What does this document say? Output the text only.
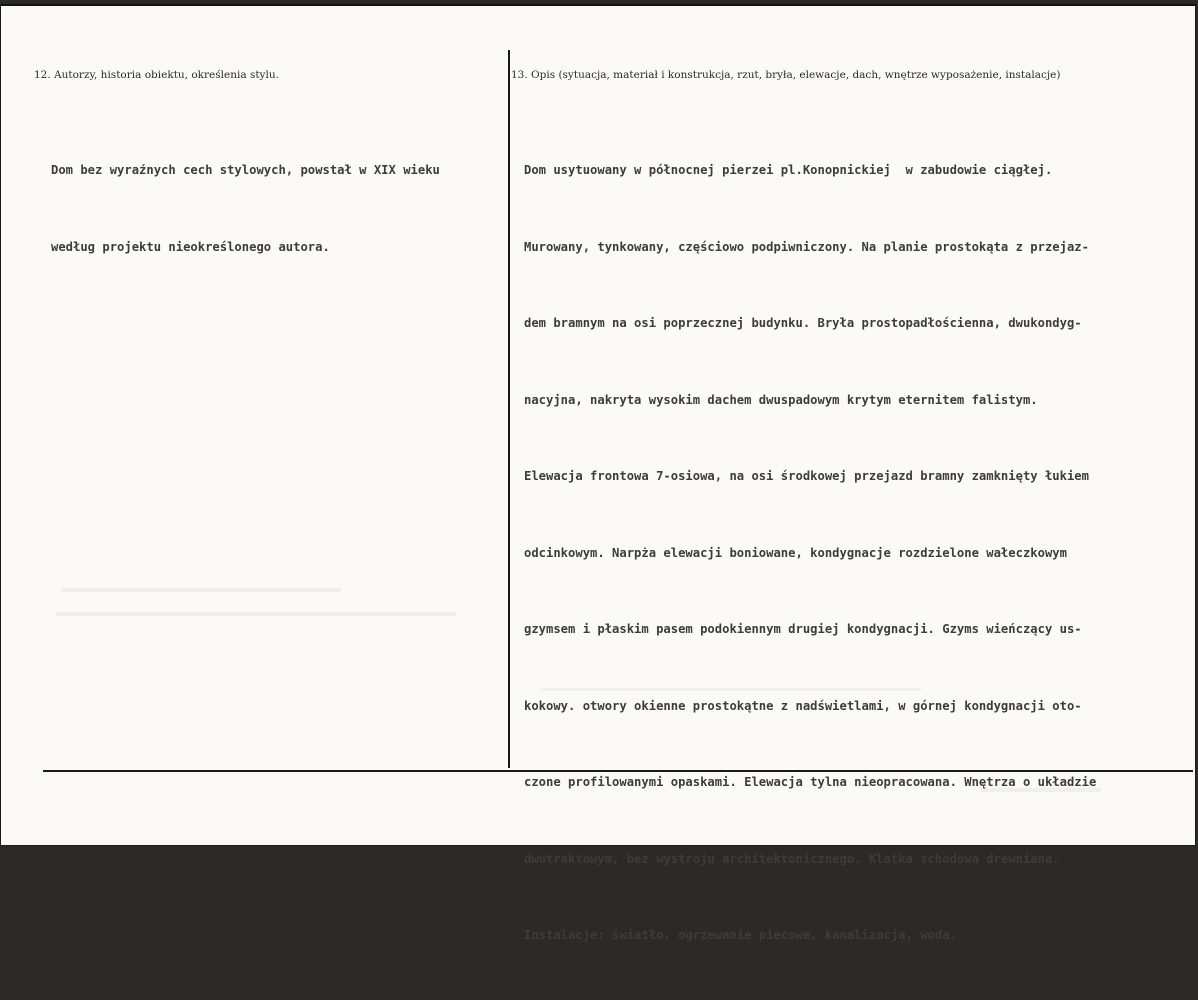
12. Autorzy, historia obiektu, określenia stylu.	13. Opis (sytuacja, materiał i konstrukcja, rzut, bryła, elewacje, dach, wnętrze wyposażenie, instalacje)

Dom bez wyraźnych cech stylowych, powstał w XIX wieku

według projektu nieokreślonego autora.

Dom usytuowany w północnej pierzei pl.Konopnickiej  w zabudowie ciągłej.

Murowany, tynkowany, częściowo podpiwniczony. Na planie prostokąta z przejaz-

dem bramnym na osi poprzecznej budynku. Bryła prostopadłościenna, dwukondyg-

nacyjna, nakryta wysokim dachem dwuspadowym krytym eternitem falistym.

Elewacja frontowa 7-osiowa, na osi środkowej przejazd bramny zamknięty łukiem

odcinkowym. Narpża elewacji boniowane, kondygnacje rozdzielone wałeczkowym

gzymsem i płaskim pasem podokiennym drugiej kondygnacji. Gzyms wieńczący us-

kokowy. otwory okienne prostokątne z nadświetlami, w górnej kondygnacji oto-

czone profilowanymi opaskami. Elewacja tylna nieopracowana. Wnętrza o układzie

dwutraktowym, bez wystroju architektonicznego. Klatka schodowa drewniana.

Instalacje: światło, ogrzewanie piecowe, kanalizacja, woda.
